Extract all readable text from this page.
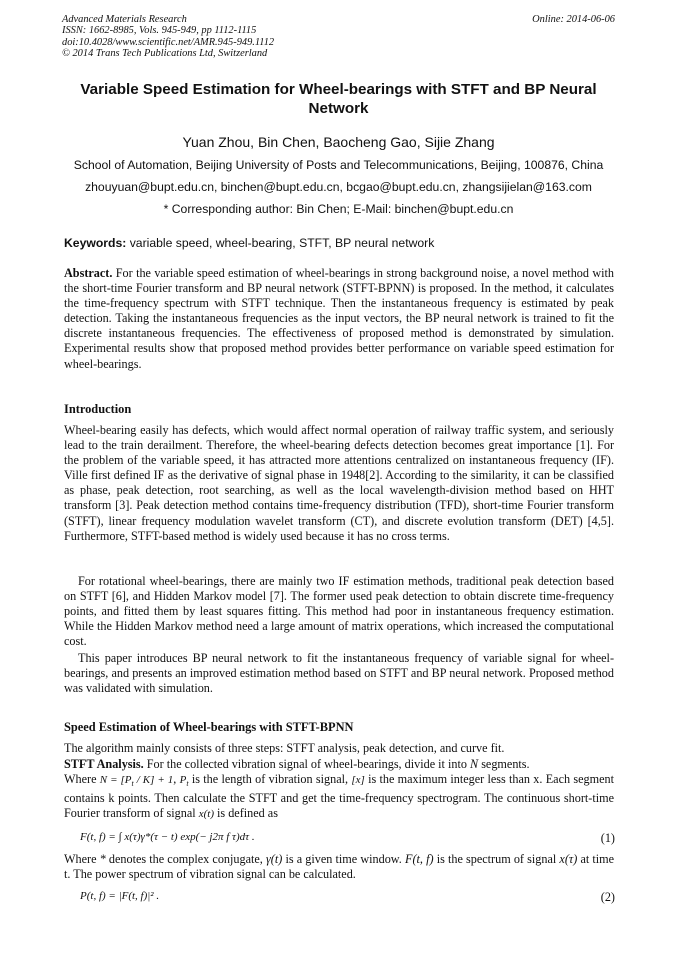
Advanced Materials Research
ISSN: 1662-8985, Vols. 945-949, pp 1112-1115
doi:10.4028/www.scientific.net/AMR.945-949.1112
© 2014 Trans Tech Publications Ltd, Switzerland
Online: 2014-06-06
Variable Speed Estimation for Wheel-bearings with STFT and BP Neural Network
Yuan Zhou, Bin Chen, Baocheng Gao, Sijie Zhang
School of Automation, Beijing University of Posts and Telecommunications, Beijing, 100876, China
zhouyuan@bupt.edu.cn, binchen@bupt.edu.cn, bcgao@bupt.edu.cn, zhangsijielan@163.com
* Corresponding author: Bin Chen; E-Mail: binchen@bupt.edu.cn
Keywords: variable speed, wheel-bearing, STFT, BP neural network
Abstract. For the variable speed estimation of wheel-bearings in strong background noise, a novel method with the short-time Fourier transform and BP neural network (STFT-BPNN) is proposed. In the method, it calculates the time-frequency spectrum with STFT technique. Then the instantaneous frequency is estimated by peak detection. Taking the instantaneous frequencies as the input vectors, the BP neural network is trained to fit the discrete instantaneous frequencies. The effectiveness of proposed method is demonstrated by simulation. Experimental results show that proposed method provides better performance on variable speed estimation for wheel-bearings.
Introduction
Wheel-bearing easily has defects, which would affect normal operation of railway traffic system, and seriously lead to the train derailment. Therefore, the wheel-bearing defects detection becomes great importance [1]. For the problem of the variable speed, it has attracted more attentions centralized on instantaneous frequency (IF). Ville first defined IF as the derivative of signal phase in 1948[2]. According to the similarity, it can be classified as phase, peak detection, root searching, as well as the local wavelength-division method based on HHT transform [3]. Peak detection method contains time-frequency distribution (TFD), short-time Fourier transform (STFT), linear frequency modulation wavelet transform (CT), and discrete evolution transform (DET) [4,5]. Furthermore, STFT-based method is widely used because it has no cross terms.
For rotational wheel-bearings, there are mainly two IF estimation methods, traditional peak detection based on STFT [6], and Hidden Markov model [7]. The former used peak detection to obtain discrete time-frequency points, and fitted them by least squares fitting. This method had poor in instantaneous frequency estimation. While the Hidden Markov method need a large amount of matrix operations, which increased the computational cost.
This paper introduces BP neural network to fit the instantaneous frequency of variable signal for wheel-bearings, and presents an improved estimation method based on STFT and BP neural network. Proposed method was validated with simulation.
Speed Estimation of Wheel-bearings with STFT-BPNN
The algorithm mainly consists of three steps: STFT analysis, peak detection, and curve fit.
STFT Analysis. For the collected vibration signal of wheel-bearings, divide it into N segments.
Where $N = [P_t / K] + 1$, $P_t$ is the length of vibration signal, [x] is the maximum integer less than x. Each segment contains k points. Then calculate the STFT and get the time-frequency spectrogram. The continuous short-time Fourier transform of signal x(t) is defined as
F(t, f) = ∫ x(τ)γ*(τ − t) exp(− j2π f τ)dτ .	(1)
Where * denotes the complex conjugate, γ(t) is a given time window. F(t, f) is the spectrum of signal x(τ) at time t. The power spectrum of vibration signal can be calculated.
P(t, f) = |F(t, f)|² .	(2)
